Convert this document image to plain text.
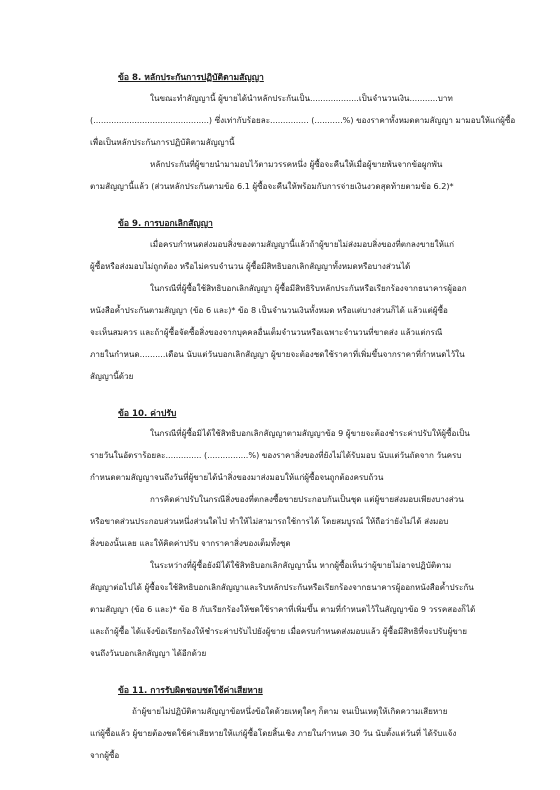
ข้อ 8. หลักประกันการปฏิบัติตามสัญญา
ในขณะทำสัญญานี้ ผู้ขายได้นำหลักประกันเป็น...................เป็นจำนวนเงิน...........บาท
(.............................................) ซึ่งเท่ากับร้อยละ............... (...........%) ของราคาทั้งหมดตามสัญญา มามอบให้แก่ผู้ซื้อ
เพื่อเป็นหลักประกันการปฏิบัติตามสัญญานี้
หลักประกันที่ผู้ขายนำมามอบไว้ตามวรรคหนึ่ง ผู้ซื้อจะคืนให้เมื่อผู้ขายพ้นจากข้อผูกพัน
ตามสัญญานี้แล้ว (ส่วนหลักประกันตามข้อ 6.1 ผู้ซื้อจะคืนให้พร้อมกับการจ่ายเงินงวดสุดท้ายตามข้อ 6.2)*
ข้อ 9. การบอกเลิกสัญญา
เมื่อครบกำหนดส่งมอบสิ่งของตามสัญญานี้แล้วถ้าผู้ขายไม่ส่งมอบสิ่งของที่ตกลงขายให้แก่
ผู้ซื้อหรือส่งมอบไม่ถูกต้อง หรือไม่ครบจำนวน ผู้ซื้อมีสิทธิบอกเลิกสัญญาทั้งหมดหรือบางส่วนได้
ในกรณีที่ผู้ซื้อใช้สิทธิบอกเลิกสัญญา ผู้ซื้อมีสิทธิริบหลักประกันหรือเรียกร้องจากธนาคารผู้ออก
หนังสือค้ำประกันตามสัญญา (ข้อ 6 และ)* ข้อ 8 เป็นจำนวนเงินทั้งหมด หรือแต่บางส่วนก็ได้ แล้วแต่ผู้ซื้อ
จะเห็นสมควร และถ้าผู้ซื้อจัดซื้อสิ่งของจากบุคคลอื่นเต็มจำนวนหรือเฉพาะจำนวนที่ขาดส่ง แล้วแต่กรณี
ภายในกำหนด..........เดือน นับแต่วันบอกเลิกสัญญา ผู้ขายจะต้องชดใช้ราคาที่เพิ่มขึ้นจากราคาที่กำหนดไว้ใน
สัญญานี้ด้วย
ข้อ 10. ค่าปรับ
ในกรณีที่ผู้ซื้อมิได้ใช้สิทธิบอกเลิกสัญญาตามสัญญาข้อ 9 ผู้ขายจะต้องชำระค่าปรับให้ผู้ซื้อเป็น
รายวันในอัตราร้อยละ.............. (................%) ของราคาสิ่งของที่ยังไม่ได้รับมอบ นับแต่วันถัดจาก วันครบ
กำหนดตามสัญญาจนถึงวันที่ผู้ขายได้นำสิ่งของมาส่งมอบให้แก่ผู้ซื้อจนถูกต้องครบถ้วน
การคิดค่าปรับในกรณีสิ่งของที่ตกลงซื้อขายประกอบกันเป็นชุด แต่ผู้ขายส่งมอบเพียงบางส่วน
หรือขาดส่วนประกอบส่วนหนึ่งส่วนใดไป ทำให้ไม่สามารถใช้การได้ โดยสมบูรณ์ ให้ถือว่ายังไม่ได้ ส่งมอบ
สิ่งของนั้นเลย และให้คิดค่าปรับ จากราคาสิ่งของเต็มทั้งชุด
ในระหว่างที่ผู้ซื้อยังมิได้ใช้สิทธิบอกเลิกสัญญานั้น หากผู้ซื้อเห็นว่าผู้ขายไม่อาจปฏิบัติตาม
สัญญาต่อไปได้ ผู้ซื้อจะใช้สิทธิบอกเลิกสัญญาและริบหลักประกันหรือเรียกร้องจากธนาคารผู้ออกหนังสือค้ำประกัน
ตามสัญญา (ข้อ 6 และ)* ข้อ 8 กับเรียกร้องให้ชดใช้ราคาที่เพิ่มขึ้น ตามที่กำหนดไว้ในสัญญาข้อ 9 วรรคสองก็ได้
และถ้าผู้ซื้อ ได้แจ้งข้อเรียกร้องให้ชำระค่าปรับไปยังผู้ขาย เมื่อครบกำหนดส่งมอบแล้ว ผู้ซื้อมีสิทธิที่จะปรับผู้ขาย
จนถึงวันบอกเลิกสัญญา ได้อีกด้วย
ข้อ 11. การรับผิดชอบชดใช้ค่าเสียหาย
ถ้าผู้ขายไม่ปฏิบัติตามสัญญาข้อหนึ่งข้อใดด้วยเหตุใดๆ ก็ตาม จนเป็นเหตุให้เกิดความเสียหาย
แก่ผู้ซื้อแล้ว ผู้ขายต้องชดใช้ค่าเสียหายให้แก่ผู้ซื้อโดยสิ้นเชิง ภายในกำหนด 30 วัน นับตั้งแต่วันที่ ได้รับแจ้ง
จากผู้ซื้อ
